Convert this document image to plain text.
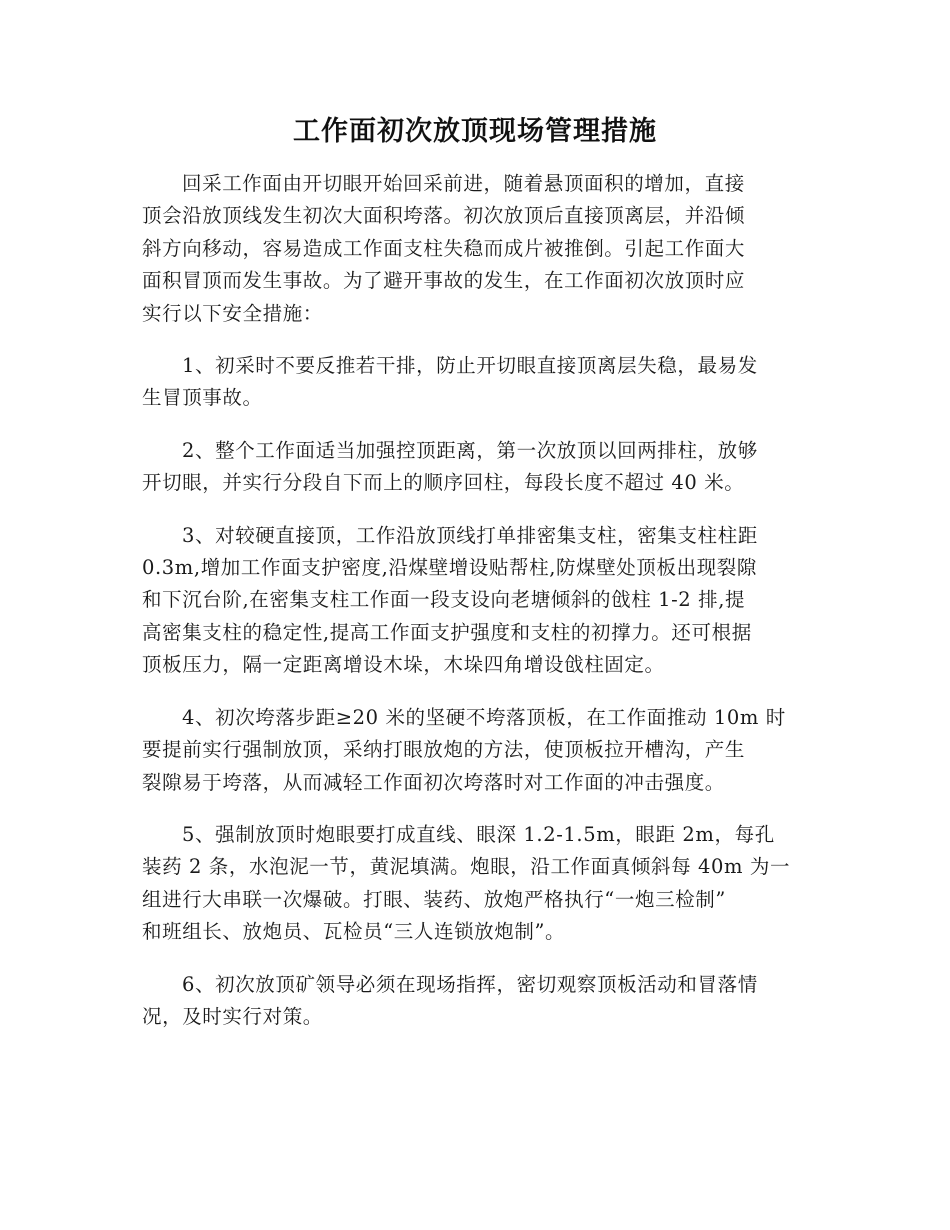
工作面初次放顶现场管理措施

回采工作面由开切眼开始回采前进，随着悬顶面积的增加，直接
顶会沿放顶线发生初次大面积垮落。初次放顶后直接顶离层，并沿倾
斜方向移动，容易造成工作面支柱失稳而成片被推倒。引起工作面大
面积冒顶而发生事故。为了避开事故的发生，在工作面初次放顶时应
实行以下安全措施：

1、初采时不要反推若干排，防止开切眼直接顶离层失稳，最易发
生冒顶事故。

2、整个工作面适当加强控顶距离，第一次放顶以回两排柱，放够
开切眼，并实行分段自下而上的顺序回柱，每段长度不超过 40 米。

3、对较硬直接顶，工作沿放顶线打单排密集支柱，密集支柱柱距
0.3m,增加工作面支护密度,沿煤壁增设贴帮柱,防煤壁处顶板出现裂隙
和下沉台阶,在密集支柱工作面一段支设向老塘倾斜的戗柱 1-2 排,提
高密集支柱的稳定性,提高工作面支护强度和支柱的初撑力。还可根据
顶板压力，隔一定距离增设木垛，木垛四角增设戗柱固定。

4、初次垮落步距≥20 米的坚硬不垮落顶板，在工作面推动 10m 时
要提前实行强制放顶，采纳打眼放炮的方法，使顶板拉开槽沟，产生
裂隙易于垮落，从而减轻工作面初次垮落时对工作面的冲击强度。

5、强制放顶时炮眼要打成直线、眼深 1.2-1.5m，眼距 2m，每孔
装药 2 条，水泡泥一节，黄泥填满。炮眼，沿工作面真倾斜每 40m 为一
组进行大串联一次爆破。打眼、装药、放炮严格执行“一炮三检制”
和班组长、放炮员、瓦检员“三人连锁放炮制”。

6、初次放顶矿领导必须在现场指挥，密切观察顶板活动和冒落情
况，及时实行对策。
